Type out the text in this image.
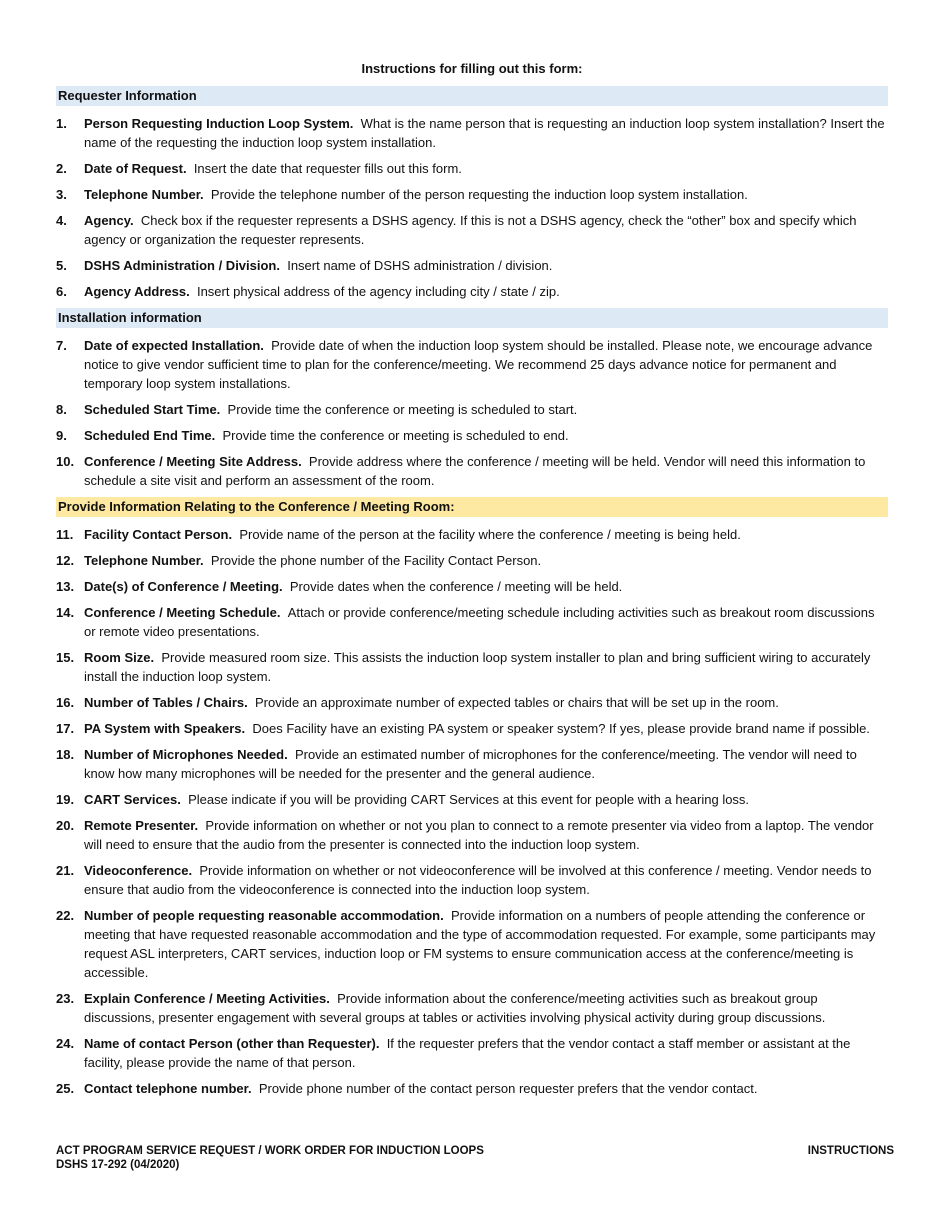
Instructions for filling out this form:
Requester Information
1.	Person Requesting Induction Loop System. What is the name person that is requesting an induction loop system installation? Insert the name of the requesting the induction loop system installation.
2.	Date of Request. Insert the date that requester fills out this form.
3.	Telephone Number. Provide the telephone number of the person requesting the induction loop system installation.
4.	Agency. Check box if the requester represents a DSHS agency. If this is not a DSHS agency, check the “other” box and specify which agency or organization the requester represents.
5.	DSHS Administration / Division. Insert name of DSHS administration / division.
6.	Agency Address. Insert physical address of the agency including city / state / zip.
Installation information
7.	Date of expected Installation. Provide date of when the induction loop system should be installed. Please note, we encourage advance notice to give vendor sufficient time to plan for the conference/meeting. We recommend 25 days advance notice for permanent and temporary loop system installations.
8.	Scheduled Start Time. Provide time the conference or meeting is scheduled to start.
9.	Scheduled End Time. Provide time the conference or meeting is scheduled to end.
10. Conference / Meeting Site Address. Provide address where the conference / meeting will be held. Vendor will need this information to schedule a site visit and perform an assessment of the room.
Provide Information Relating to the Conference / Meeting Room:
11. Facility Contact Person. Provide name of the person at the facility where the conference / meeting is being held.
12. Telephone Number. Provide the phone number of the Facility Contact Person.
13. Date(s) of Conference / Meeting. Provide dates when the conference / meeting will be held.
14. Conference / Meeting Schedule. Attach or provide conference/meeting schedule including activities such as breakout room discussions or remote video presentations.
15. Room Size. Provide measured room size. This assists the induction loop system installer to plan and bring sufficient wiring to accurately install the induction loop system.
16. Number of Tables / Chairs. Provide an approximate number of expected tables or chairs that will be set up in the room.
17. PA System with Speakers. Does Facility have an existing PA system or speaker system? If yes, please provide brand name if possible.
18. Number of Microphones Needed. Provide an estimated number of microphones for the conference/meeting. The vendor will need to know how many microphones will be needed for the presenter and the general audience.
19. CART Services. Please indicate if you will be providing CART Services at this event for people with a hearing loss.
20. Remote Presenter. Provide information on whether or not you plan to connect to a remote presenter via video from a laptop. The vendor will need to ensure that the audio from the presenter is connected into the induction loop system.
21. Videoconference. Provide information on whether or not videoconference will be involved at this conference / meeting. Vendor needs to ensure that audio from the videoconference is connected into the induction loop system.
22. Number of people requesting reasonable accommodation. Provide information on a numbers of people attending the conference or meeting that have requested reasonable accommodation and the type of accommodation requested. For example, some participants may request ASL interpreters, CART services, induction loop or FM systems to ensure communication access at the conference/meeting is accessible.
23. Explain Conference / Meeting Activities. Provide information about the conference/meeting activities such as breakout group discussions, presenter engagement with several groups at tables or activities involving physical activity during group discussions.
24. Name of contact Person (other than Requester). If the requester prefers that the vendor contact a staff member or assistant at the facility, please provide the name of that person.
25. Contact telephone number. Provide phone number of the contact person requester prefers that the vendor contact.
ACT PROGRAM SERVICE REQUEST / WORK ORDER FOR INDUCTION LOOPS
DSHS 17-292 (04/2020)
INSTRUCTIONS
